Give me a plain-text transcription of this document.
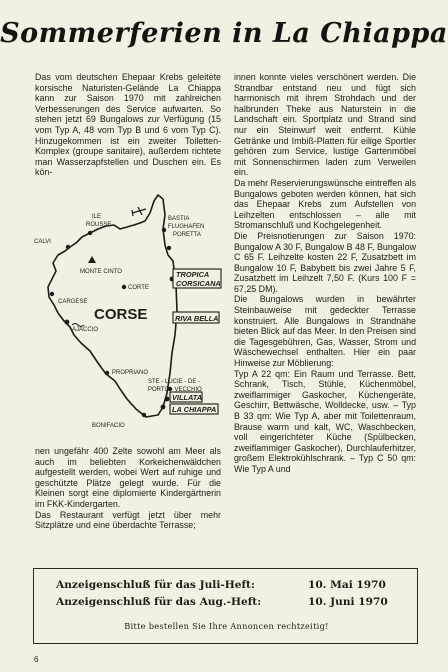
Sommerferien in La Chiappa

Das vom deutschen Ehepaar Krebs geleitete korsische Naturisten-Gelände La Chiappa kann zur Saison 1970 mit zahlreichen Verbesserungen des Service aufwarten. So stehen jetzt 69 Bungalows zur Verfügung (15 vom Typ A, 48 vom Typ B und 6 vom Typ C). Hinzugekommen ist ein zweiter Toiletten-Komplex (groupe sanitaire), außerdem richtete man Wasserzapfstellen und Duschen ein. Es kön-

BASTIA
FLUGHAFEN
PORETTA
CALVI
ILE
ROUSSE
MONTE CINTO
CORTE
TROPICA
CORSICANA
RIVA BELLA
CORSE
CARGESE
AJACCIO
PROPRIANO
STE - LUCIE - DE -
PORTO - VECCHIO
VILLATA
BONIFACIO
LA CHIAPPA

nen ungefähr 400 Zelte sowohl am Meer als auch im beliebten Korkeichenwäldchen aufgestellt werden, wobei Wert auf ruhige und geschützte Plätze gelegt wurde. Für die Kleinen sorgt eine diplomierte Kindergärtnerin im FKK-Kindergarten.

Das Restaurant verfügt jetzt über mehr Sitzplätze und eine überdachte Terrasse;

innen konnte vieles verschönert werden. Die Strandbar entstand neu und fügt sich harmonisch mit ihrem Strohdach und der halbrunden Theke aus Naturstein in die Landschaft ein. Sportplatz und Strand sind nur ein Steinwurf weit entfernt. Kühle Getränke und Imbiß-Platten für eilige Sportler gehören zum Service, lustige Gartenmöbel mit Sonnenschirmen laden zum Verweilen ein.

Da mehr Reservierungswünsche eintreffen als Bungalows geboten werden können, hat sich das Ehepaar Krebs zum Aufstellen von Leihzelten entschlossen – alle mit Stromanschluß und Kochgelegenheit.

Die Preisnotierungen zur Saison 1970: Bungalow A 30 F, Bungalow B 48 F, Bungalow C 65 F. Leihzelte kosten 22 F, Zusatzbett im Bungalow 10 F, Babybett bis zwei Jahre 5 F, Zusatzbett im Leihzelt 7,50 F. (Kurs 100 F = 67,25 DM).

Die Bungalows wurden in bewährter Steinbauweise mit gedeckter Terrasse konstruiert. Alle Bungalows in Strandnähe bieten Blick auf das Meer. In den Preisen sind die Tagesgebühren, Gas, Wasser, Strom und Wäschewechsel enthalten. Hier ein paar Hinweise zur Möblierung:

Typ A 22 qm: Ein Raum und Terrasse. Bett, Schrank, Tisch, Stühle, Küchenmöbel, zweiflammiger Gaskocher, Küchengeräte, Geschirr, Bettwäsche, Wolldecke, usw. – Typ B 33 qm: Wie Typ A, aber mit Toilettenraum, Brause warm und kalt, WC, Waschbecken, voll eingerichteter Küche (Spülbecken, zweiflammiger Gaskocher), Durchlauferhitzer, großem Elektrokühlschrank. – Typ C 50 qm: Wie Typ A und

Anzeigenschluß für das Juli-Heft:	10. Mai 1970
Anzeigenschluß für das Aug.-Heft:	10. Juni 1970
Bitte bestellen Sie Ihre Annoncen rechtzeitig!
6
